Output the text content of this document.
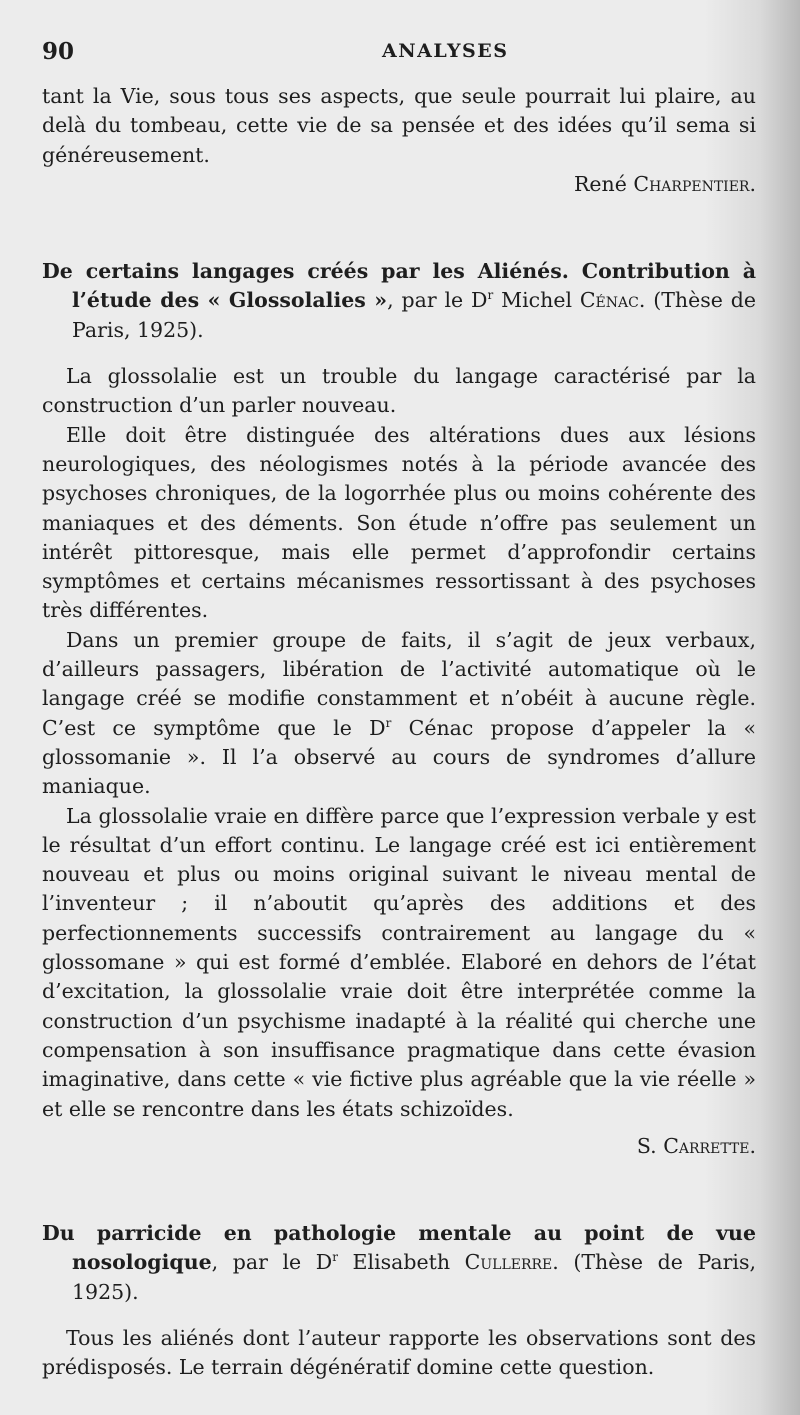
90	ANALYSES

tant la Vie, sous tous ses aspects, que seule pourrait lui plaire, au delà du tombeau, cette vie de sa pensée et des idées qu’il sema si généreusement.

René Charpentier.

De certains langages créés par les Aliénés. Contribution à l’étude des « Glossolalies », par le $D^r$ Michel Cénac. (Thèse de Paris, 1925).

La glossolalie est un trouble du langage caractérisé par la construction d’un parler nouveau.

Elle doit être distinguée des altérations dues aux lésions neurologiques, des néologismes notés à la période avancée des psychoses chroniques, de la logorrhée plus ou moins cohérente des maniaques et des déments. Son étude n’offre pas seulement un intérêt pittoresque, mais elle permet d’approfondir certains symptômes et certains mécanismes ressortissant à des psychoses très différentes.

Dans un premier groupe de faits, il s’agit de jeux verbaux, d’ailleurs passagers, libération de l’activité automatique où le langage créé se modifie constamment et n’obéit à aucune règle. C’est ce symptôme que le $D^r$ Cénac propose d’appeler la « glossomanie ». Il l’a observé au cours de syndromes d’allure maniaque.

La glossolalie vraie en diffère parce que l’expression verbale y est le résultat d’un effort continu. Le langage créé est ici entièrement nouveau et plus ou moins original suivant le niveau mental de l’inventeur ; il n’aboutit qu’après des additions et des perfectionnements successifs contrairement au langage du « glossomane » qui est formé d’emblée. Elaboré en dehors de l’état d’excitation, la glossolalie vraie doit être interprétée comme la construction d’un psychisme inadapté à la réalité qui cherche une compensation à son insuffisance pragmatique dans cette évasion imaginative, dans cette « vie fictive plus agréable que la vie réelle » et elle se rencontre dans les états schizoïdes.

S. Carrette.

Du parricide en pathologie mentale au point de vue nosologique, par le $D^r$ Elisabeth Cullerre. (Thèse de Paris, 1925).

Tous les aliénés dont l’auteur rapporte les observations sont des prédisposés. Le terrain dégénératif domine cette question.
